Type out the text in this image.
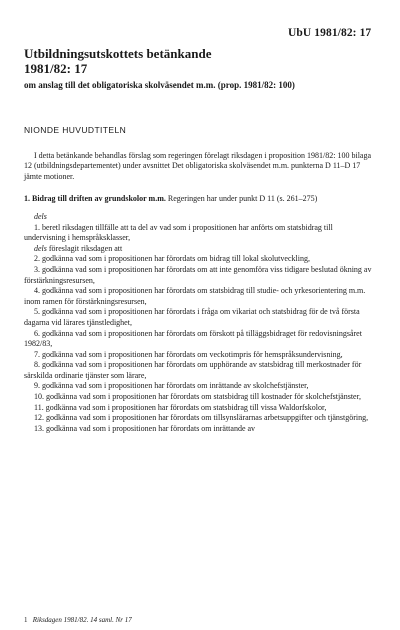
UbU 1981/82: 17
Utbildningsutskottets betänkande
1981/82: 17
om anslag till det obligatoriska skolväsendet m.m. (prop. 1981/82: 100)

NIONDE HUVUDTITELN

I detta betänkande behandlas förslag som regeringen förelagt riksdagen i proposition 1981/82: 100 bilaga 12 (utbildningsdepartementet) under avsnittet Det obligatoriska skolväsendet m.m. punkterna D 11–D 17 jämte motioner.

1. Bidrag till driften av grundskolor m.m. Regeringen har under punkt D 11 (s. 261–275)

dels

1. beretl riksdagen tillfälle att ta del av vad som i propositionen har anförts om statsbidrag till undervisning i hemspråksklasser,

dels föreslagit riksdagen att

2. godkänna vad som i propositionen har förordats om bidrag till lokal skolutveckling,

3. godkänna vad som i propositionen har förordats om att inte genomföra viss tidigare beslutad ökning av förstärkningsresursen,

4. godkänna vad som i propositionen har förordats om statsbidrag till studie- och yrkesorientering m.m. inom ramen för förstärkningsresursen,

5. godkänna vad som i propositionen har förordats i fråga om vikariat och statsbidrag för de två första dagarna vid lärares tjänstledighet,

6. godkänna vad som i propositionen har förordats om förskott på tilläggsbidraget för redovisningsåret 1982/83,

7. godkänna vad som i propositionen har förordats om veckotimpris för hemspråksundervisning,

8. godkänna vad som i propositionen har förordats om upphörande av statsbidrag till merkostnader för särskilda ordinarie tjänster som lärare,

9. godkänna vad som i propositionen har förordats om inrättande av skolchefstjänster,

10. godkänna vad som i propositionen har förordats om statsbidrag till kostnader för skolchefstjänster,

11. godkänna vad som i propositionen har förordats om statsbidrag till vissa Waldorfskolor,

12. godkänna vad som i propositionen har förordats om tillsynslärarnas arbetsuppgifter och tjänstgöring,

13. godkänna vad som i propositionen har förordats om inrättande av

1 Riksdagen 1981/82. 14 saml. Nr 17
